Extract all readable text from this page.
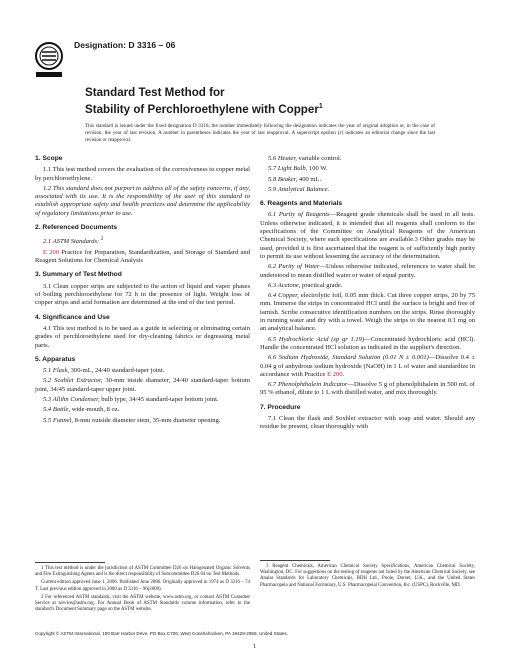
Designation: D 3316 – 06
Standard Test Method for
Stability of Perchloroethylene with Copper$^1$
This standard is issued under the fixed designation D 3316; the number immediately following the designation indicates the year of original adoption or, in the case of revision, the year of last revision. A number in parentheses indicates the year of last reapproval. A superscript epsilon (ε) indicates an editorial change since the last revision or reapproval.
1. Scope
1.1 This test method covers the evaluation of the corrosiveness to copper metal by perchloroethylene.
1.2 This standard does not purport to address all of the safety concerns, if any, associated with its use. It is the responsibility of the user of this standard to establish appropriate safety and health practices and determine the applicability of regulatory limitations prior to use.
2. Referenced Documents
2.1 ASTM Standards: $^2$
E 200 Practice for Preparation, Standardization, and Storage of Standard and Reagent Solutions for Chemical Analysis
3. Summary of Test Method
3.1 Clean copper strips are subjected to the action of liquid and vapor phases of boiling perchloroethylene for 72 h in the presence of light. Weight loss of copper strips and acid formation are determined at the end of the test period.
4. Significance and Use
4.1 This test method is to be used as a guide in selecting or eliminating certain grades of perchloroethylene used for dry-cleaning fabrics or degreasing metal parts.
5. Apparatus
5.1 Flask, 300-mL, 24/40 standard-taper joint.
5.2 Soxhlet Extractor, 30-mm inside diameter, 24/40 standard-taper bottom joint, 34/45 standard-taper upper joint.
5.3 Allihn Condenser, bulb type, 34/45 standard-taper bottom joint.
5.4 Bottle, wide-mouth, 8 oz.
5.5 Funnel, 8-mm outside diameter stem, 35-mm diameter opening.
1 This test method is under the jurisdiction of ASTM Committee D26 on Halogenated Organic Solvents and Fire Extinguishing Agents and is the direct responsibility of Subcommittee D26.04 on Test Methods.
Current edition approved June 1, 2006. Published June 2006. Originally approved in 1974 as D 3316 – 74 T. Last previous edition approved in 2000 as D 3316 – 96(2000).
2 For referenced ASTM standards, visit the ASTM website, www.astm.org, or contact ASTM Customer Service at service@astm.org. For Annual Book of ASTM Standards volume information, refer to the standard's Document Summary page on the ASTM website.
5.6 Heater, variable control.
5.7 Light Bulb, 100 W.
5.8 Beaker, 400 mL.
5.9 Analytical Balance.
6. Reagents and Materials
6.1 Purity of Reagents—Reagent grade chemicals shall be used in all tests. Unless otherwise indicated, it is intended that all reagents shall conform to the specifications of the Committee on Analytical Reagents of the American Chemical Society, where such specifications are available.3 Other grades may be used, provided it is first ascertained that the reagent is of sufficiently high purity to permit its use without lessening the accuracy of the determination.
6.2 Purity of Water—Unless otherwise indicated, references to water shall be understood to mean distilled water or water of equal purity.
6.3 Acetone, practical grade.
6.4 Copper, electrolytic foil, 0.05 mm thick. Cut three copper strips, 20 by 75 mm. Immerse the strips in concentrated HCl until the surface is bright and free of tarnish. Scribe consecutive identification numbers on the strips. Rinse thoroughly in running water and dry with a towel. Weigh the strips to the nearest 0.1 mg on an analytical balance.
6.5 Hydrochloric Acid (sp gr 1.19)—Concentrated hydrochloric acid (HCl). Handle the concentrated HCl solution as indicated in the supplier's direction.
6.6 Sodium Hydroxide, Standard Solution (0.01 N ± 0.001)—Dissolve 0.4 ± 0.04 g of anhydrous sodium hydroxide (NaOH) in 1 L of water and standardize in accordance with Practice E 200.
6.7 Phenolphthalein Indicator—Dissolve 5 g of phenolphthalein in 500 mL of 95 % ethanol, dilute to 1 L with distilled water, and mix thoroughly.
7. Procedure
7.1 Clean the flask and Soxhlet extractor with soap and water. Should any residue be present, clean thoroughly with
3 Reagent Chemicals, American Chemical Society Specifications, American Chemical Society, Washington, DC. For suggestions on the testing of reagents not listed by the American Chemical Society, see Analar Standards for Laboratory Chemicals, BDH Ltd., Poole, Dorset, U.K., and the United States Pharmacopeia and National Formulary, U.S. Pharmacopeial Convention, Inc. (USPC), Rockville, MD.
Copyright © ASTM International, 100 Barr Harbor Drive, PO Box C700, West Conshohocken, PA 19428-2959, United States.
1
